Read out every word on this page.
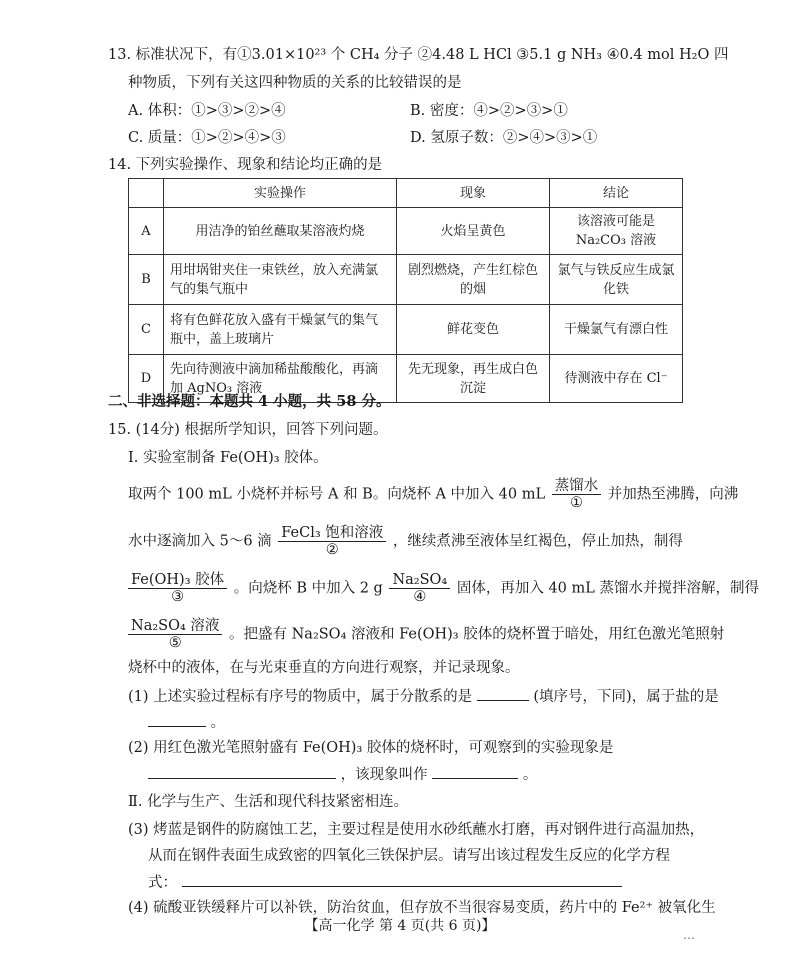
13. 标准状况下，有①3.01×10²³ 个 CH₄ 分子 ②4.48 L HCl ③5.1 g NH₃ ④0.4 mol H₂O 四
种物质，下列有关这四种物质的关系的比较错误的是
A. 体积：①>③>②>④	B. 密度：④>②>③>①
C. 质量：①>②>④>③	D. 氢原子数：②>④>③>①
14. 下列实验操作、现象和结论均正确的是
	实验操作	现象	结论
A	用洁净的铂丝蘸取某溶液灼烧	火焰呈黄色	该溶液可能是 Na₂CO₃ 溶液
B	用坩埚钳夹住一束铁丝，放入充满氯气的集气瓶中	剧烈燃烧，产生红棕色的烟	氯气与铁反应生成氯化铁
C	将有色鲜花放入盛有干燥氯气的集气瓶中，盖上玻璃片	鲜花变色	干燥氯气有漂白性
D	先向待测液中滴加稀盐酸酸化，再滴加 AgNO₃ 溶液	先无现象，再生成白色沉淀	待测液中存在 Cl⁻
二、非选择题：本题共 4 小题，共 58 分。
15. (14分) 根据所学知识，回答下列问题。
Ⅰ. 实验室制备 Fe(OH)₃ 胶体。
取两个 100 mL 小烧杯并标号 A 和 B。向烧杯 A 中加入 40 mL $\frac{\text{蒸馏水}}{\text{①}}$ 并加热至沸腾，向沸
水中逐滴加入 5～6 滴 $\frac{\text{FeCl₃ 饱和溶液}}{\text{②}}$ ，继续煮沸至液体呈红褐色，停止加热，制得
$\frac{\text{Fe(OH)₃ 胶体}}{\text{③}}$ 。向烧杯 B 中加入 2 g $\frac{\text{Na₂SO₄}}{\text{④}}$ 固体，再加入 40 mL 蒸馏水并搅拌溶解，制得
$\frac{\text{Na₂SO₄ 溶液}}{\text{⑤}}$ 。把盛有 Na₂SO₄ 溶液和 Fe(OH)₃ 胶体的烧杯置于暗处，用红色激光笔照射
烧杯中的液体，在与光束垂直的方向进行观察，并记录现象。
(1) 上述实验过程标有序号的物质中，属于分散系的是	(填序号，下同)，属于盐的是
。
(2) 用红色激光笔照射盛有 Fe(OH)₃ 胶体的烧杯时，可观察到的实验现象是
，该现象叫作	。
Ⅱ. 化学与生产、生活和现代科技紧密相连。
(3) 烤蓝是钢件的防腐蚀工艺，主要过程是使用水砂纸蘸水打磨，再对钢件进行高温加热，
从而在钢件表面生成致密的四氧化三铁保护层。请写出该过程发生反应的化学方程
式：
(4) 硫酸亚铁缓释片可以补铁，防治贫血，但存放不当很容易变质，药片中的 Fe²⁺ 被氧化生
【高一化学 第 4 页(共 6 页)】
…
